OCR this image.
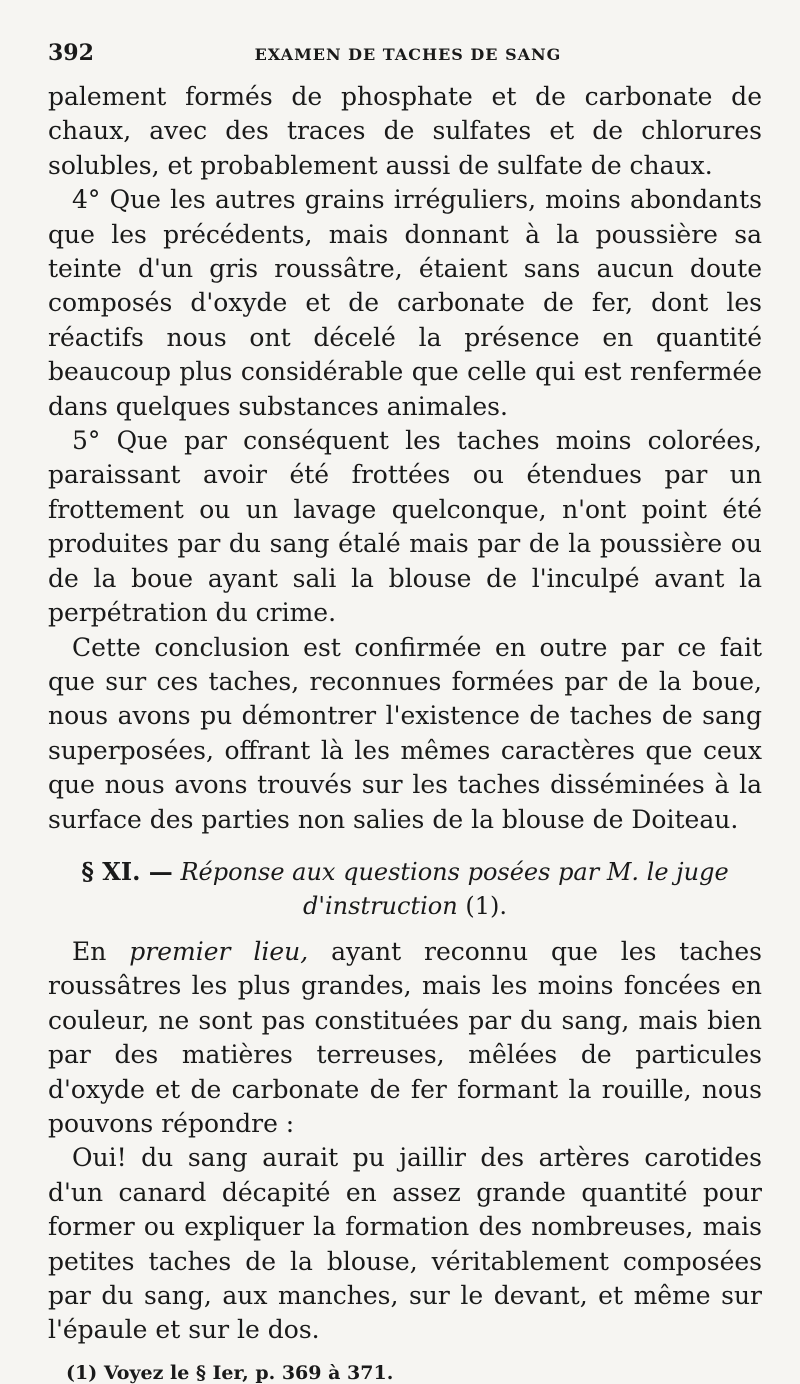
392	EXAMEN DE TACHES DE SANG

palement formés de phosphate et de carbonate de chaux, avec des traces de sulfates et de chlorures solubles, et probablement aussi de sulfate de chaux.

4° Que les autres grains irréguliers, moins abondants que les précédents, mais donnant à la poussière sa teinte d'un gris roussâtre, étaient sans aucun doute composés d'oxyde et de carbonate de fer, dont les réactifs nous ont décelé la présence en quantité beaucoup plus considérable que celle qui est renfermée dans quelques substances animales.

5° Que par conséquent les taches moins colorées, paraissant avoir été frottées ou étendues par un frottement ou un lavage quelconque, n'ont point été produites par du sang étalé mais par de la poussière ou de la boue ayant sali la blouse de l'inculpé avant la perpétration du crime.

Cette conclusion est confirmée en outre par ce fait que sur ces taches, reconnues formées par de la boue, nous avons pu démontrer l'existence de taches de sang superposées, offrant là les mêmes caractères que ceux que nous avons trouvés sur les taches disséminées à la surface des parties non salies de la blouse de Doiteau.

§ XI. — Réponse aux questions posées par M. le juge d'instruction (1).

En premier lieu, ayant reconnu que les taches roussâtres les plus grandes, mais les moins foncées en couleur, ne sont pas constituées par du sang, mais bien par des matières terreuses, mêlées de particules d'oxyde et de carbonate de fer formant la rouille, nous pouvons répondre :

Oui! du sang aurait pu jaillir des artères carotides d'un canard décapité en assez grande quantité pour former ou expliquer la formation des nombreuses, mais petites taches de la blouse, véritablement composées par du sang, aux manches, sur le devant, et même sur l'épaule et sur le dos.

(1) Voyez le § Ier, p. 369 à 371.
